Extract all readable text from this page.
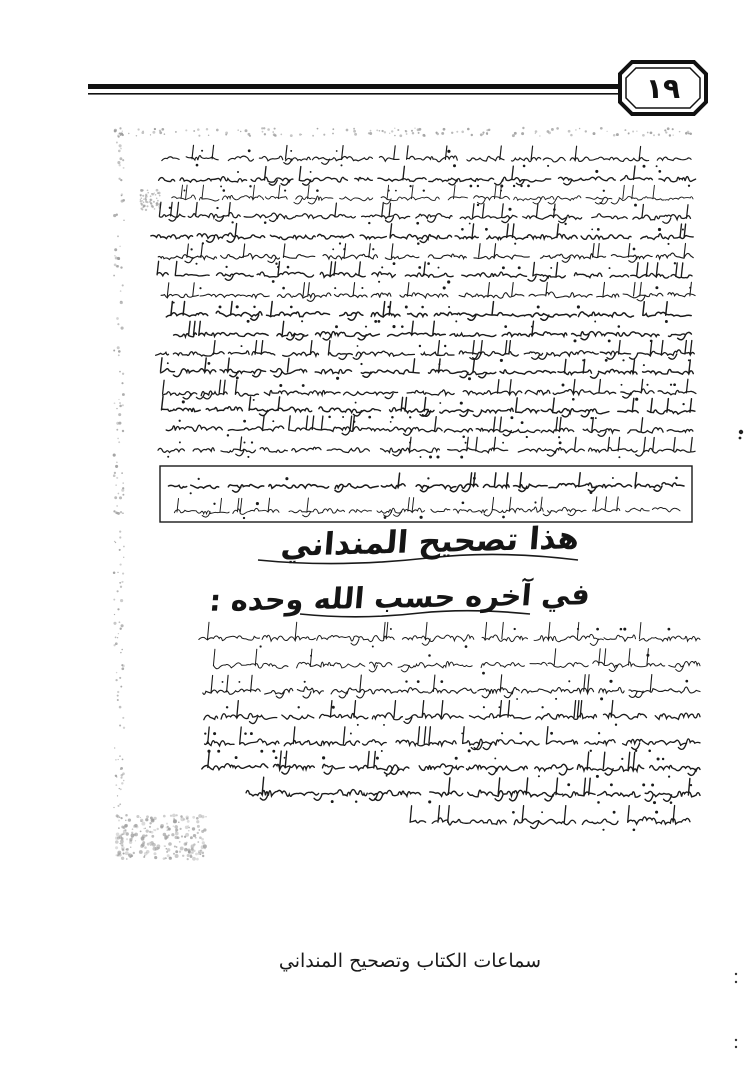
١٩
هذا تصحيح المنداني
في آخره حسب الله وحده :
سماعات الكتاب وتصحيح المنداني
